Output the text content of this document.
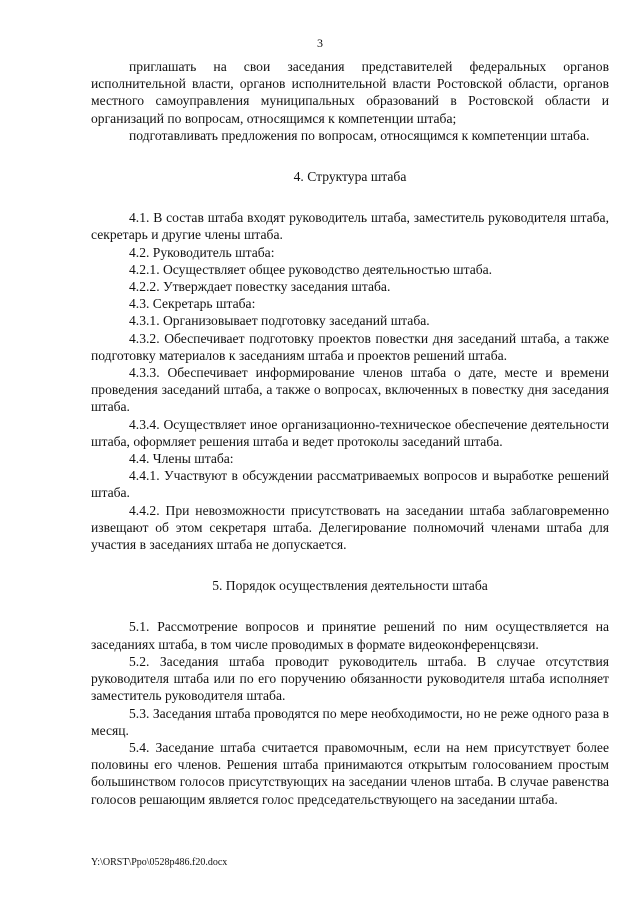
3

приглашать на свои заседания представителей федеральных органов исполнительной власти, органов исполнительной власти Ростовской области, органов местного самоуправления муниципальных образований в Ростовской области и организаций по вопросам, относящимся к компетенции штаба;

подготавливать предложения по вопросам, относящимся к компетенции штаба.

4. Структура штаба

4.1. В состав штаба входят руководитель штаба, заместитель руководителя штаба, секретарь и другие члены штаба.

4.2. Руководитель штаба:

4.2.1. Осуществляет общее руководство деятельностью штаба.

4.2.2. Утверждает повестку заседания штаба.

4.3. Секретарь штаба:

4.3.1. Организовывает подготовку заседаний штаба.

4.3.2. Обеспечивает подготовку проектов повестки дня заседаний штаба, а также подготовку материалов к заседаниям штаба и проектов решений штаба.

4.3.3. Обеспечивает информирование членов штаба о дате, месте и времени проведения заседаний штаба, а также о вопросах, включенных в повестку дня заседания штаба.

4.3.4. Осуществляет иное организационно-техническое обеспечение деятельности штаба, оформляет решения штаба и ведет протоколы заседаний штаба.

4.4. Члены штаба:

4.4.1. Участвуют в обсуждении рассматриваемых вопросов и выработке решений штаба.

4.4.2. При невозможности присутствовать на заседании штаба заблаговременно извещают об этом секретаря штаба. Делегирование полномочий членами штаба для участия в заседаниях штаба не допускается.

5. Порядок осуществления деятельности штаба

5.1. Рассмотрение вопросов и принятие решений по ним осуществляется на заседаниях штаба, в том числе проводимых в формате видеоконференцсвязи.

5.2. Заседания штаба проводит руководитель штаба. В случае отсутствия руководителя штаба или по его поручению обязанности руководителя штаба исполняет заместитель руководителя штаба.

5.3. Заседания штаба проводятся по мере необходимости, но не реже одного раза в месяц.

5.4. Заседание штаба считается правомочным, если на нем присутствует более половины его членов. Решения штаба принимаются открытым голосованием простым большинством голосов присутствующих на заседании членов штаба. В случае равенства голосов решающим является голос председательствующего на заседании штаба.

Y:\ORST\Ppo\0528p486.f20.docx
